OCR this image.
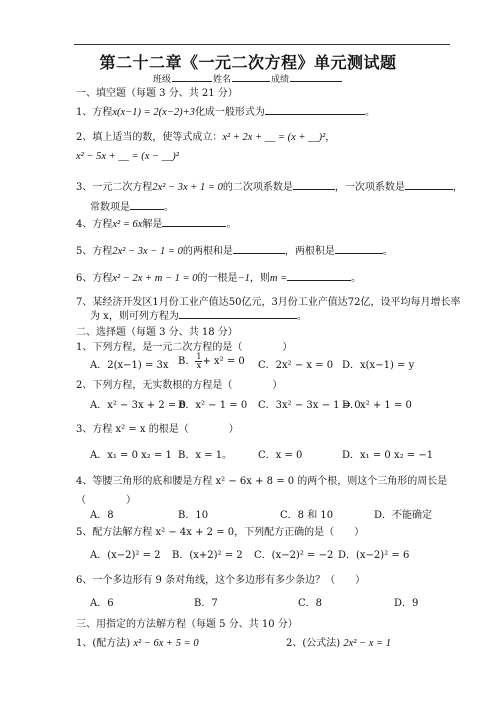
第二十二章《一元二次方程》单元测试题
班级	姓名	成绩
一、填空题（每题 3 分、共 21 分）
1、方程x(x−1) = 2(x−2)+3化成一般形式为	。
2、填上适当的数，使等式成立：x² + 2x + __ = (x + __)²，
x² − 5x + __ = (x − __)²
3、一元二次方程2x² − 3x + 1 = 0的二次项系数是	，一次项系数是	，
常数项是	。
4、方程x² = 6x解是	。
5、方程2x² − 3x − 1 = 0的两根和是	，两根积是	。
6、方程x² − 2x + m − 1 = 0的一根是−1，则m =	。
7、某经济开发区1月份工业产值达50亿元，3月份工业产值达72亿，设平均每月增长率
为 x，则可列方程为	。
二、选择题（每题 3 分、共 18 分）
1、下列方程，是一元二次方程的是（　　　　）
A．2(x−1) = 3x B． $\frac{1}{x} + x^2 = 0$ C．2x² − x = 0 D．x(x−1) = y
2、下列方程，无实数根的方程是（　　　　）
A．x² − 3x + 2 = 0
B．x² − 1 = 0 C．3x² − 3x − 1 = 0
D．x² + 1 = 0
3、方程 x² = x 的根是（　　　　）
A．x₁ = 0 x₂ = 1 B．x = 1。	C．x = 0	D．x₁ = 0 x₂ = −1
4、等腰三角形的底和腰是方程 x² − 6x + 8 = 0 的两个根，则这个三角形的周长是
（　　　　）
A．8	B．10	C．8 和 10	D．不能确定
5、配方法解方程 x² − 4x + 2 = 0，下列配方正确的是（　　）
A．(x−2)² = 2 B．(x+2)² = 2 C．(x−2)² = −2 D．(x−2)² = 6
6、一个多边形有 9 条对角线，这个多边形有多少条边？（　　）
A．6	B．7	C．8	D．9
三、用指定的方法解方程（每题 5 分、共 10 分）
1、(配方法) x² − 6x + 5 = 0	2、(公式法) 2x² − x = 1
